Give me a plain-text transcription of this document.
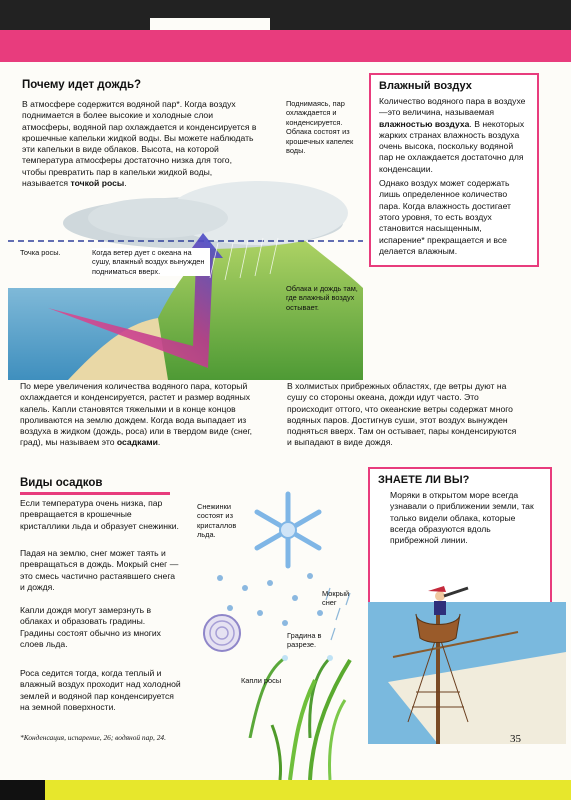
Почему идет дождь?
В атмосфере содержится водяной пар*. Когда воздух поднимается в более высокие и холодные слои атмосферы, водяной пар охлаждается и конденсируется в крошечные капельки жидкой воды. Вы можете наблюдать эти капельки в виде облаков. Высота, на которой температура атмосферы достаточно низка для того, чтобы превратить пар в капельки жидкой воды, называется точкой росы.
Поднимаясь, пар охлаждается и конденсируется. Облака состоят из крошечных капелек воды.
Точка росы.	Когда ветер дует с океана на сушу, влажный воздух вынужден подниматься вверх.
Облака и дождь там, где влажный воздух остывает.
Влажный воздух
Количество водяного пара в воздухе—это величина, называемая влажностью воздуха. В некоторых жарких странах влажность воздуха очень высока, поскольку водяной пар не охлаждается достаточно для конденсации.
Однако воздух может содержать лишь определенное количество пара. Когда влажность достигает этого уровня, то есть воздух становится насыщенным, испарение* прекращается и все делается влажным.
По мере увеличения количества водяного пара, который охлаждается и конденсируется, растет и размер водяных капель. Капли становятся тяжелыми и в конце концов проливаются на землю дождем. Когда вода выпадает из воздуха в жидком (дождь, роса) или в твердом виде (снег, град), мы называем это осадками.
В холмистых прибрежных областях, где ветры дуют на сушу со стороны океана, дожди идут часто. Это происходит оттого, что океанские ветры содержат много водяных паров. Достигнув суши, этот воздух вынужден подняться вверх. Там он остывает, пары конденсируются и выпадают в виде дождя.
Виды осадков
Если температура очень низка, пар превращается в крошечные кристаллики льда и образует снежинки.
Падая на землю, снег может таять и превращаться в дождь. Мокрый снег — это смесь частично растаявшего снега и дождя.
Капли дождя могут замерзнуть в облаках и образовать градины. Градины состоят обычно из многих слоев льда.
Роса седится тогда, когда теплый и влажный воздух проходит над холодной землей и водяной пар конденсируется на земной поверхности.
Снежинки состоят из кристаллов льда.
Мокрый снег
Градина в разрезе.
Капли росы
ЗНАЕТЕ ЛИ ВЫ?
Моряки в открытом море всегда узнавали о приближении земли, так только видели облака, которые всегда образуются вдоль прибрежной линии.
*Конденсация, испарение, 26; водяной пар, 24.	35
